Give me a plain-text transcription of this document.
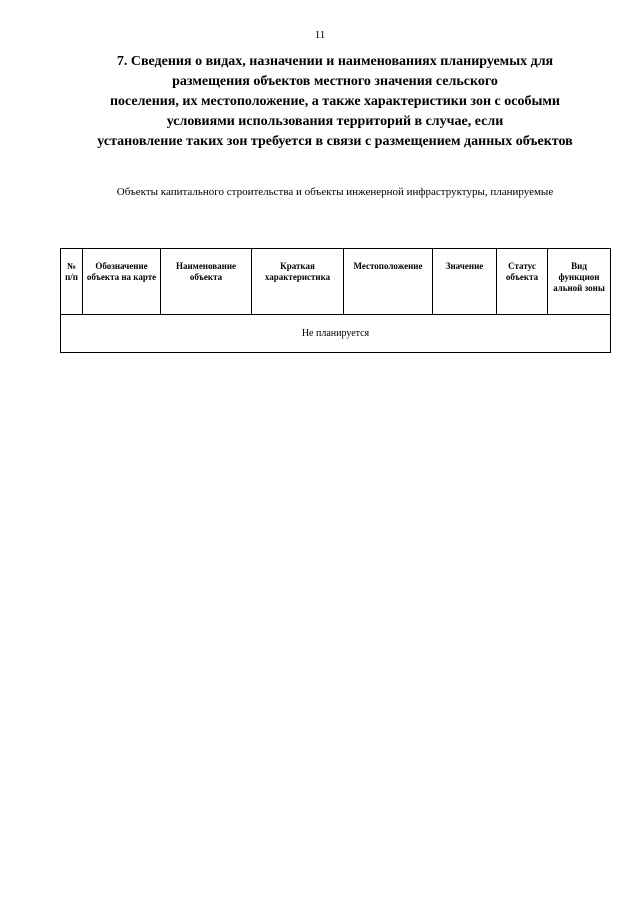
11
7. Сведения о видах, назначении и наименованиях планируемых для
размещения объектов местного значения сельского
поселения, их местоположение, а также характеристики зон с особыми
условиями использования территорий в случае, если
установление таких зон требуется в связи с размещением данных объектов
Объекты капитального строительства и объекты инженерной инфраструктуры, планируемые
№ п/п	Обозначение объекта на карте	Наименование объекта	Краткая характеристика	Местоположение	Значение	Статус объекта	Вид функцион альной зоны
Не планируется
